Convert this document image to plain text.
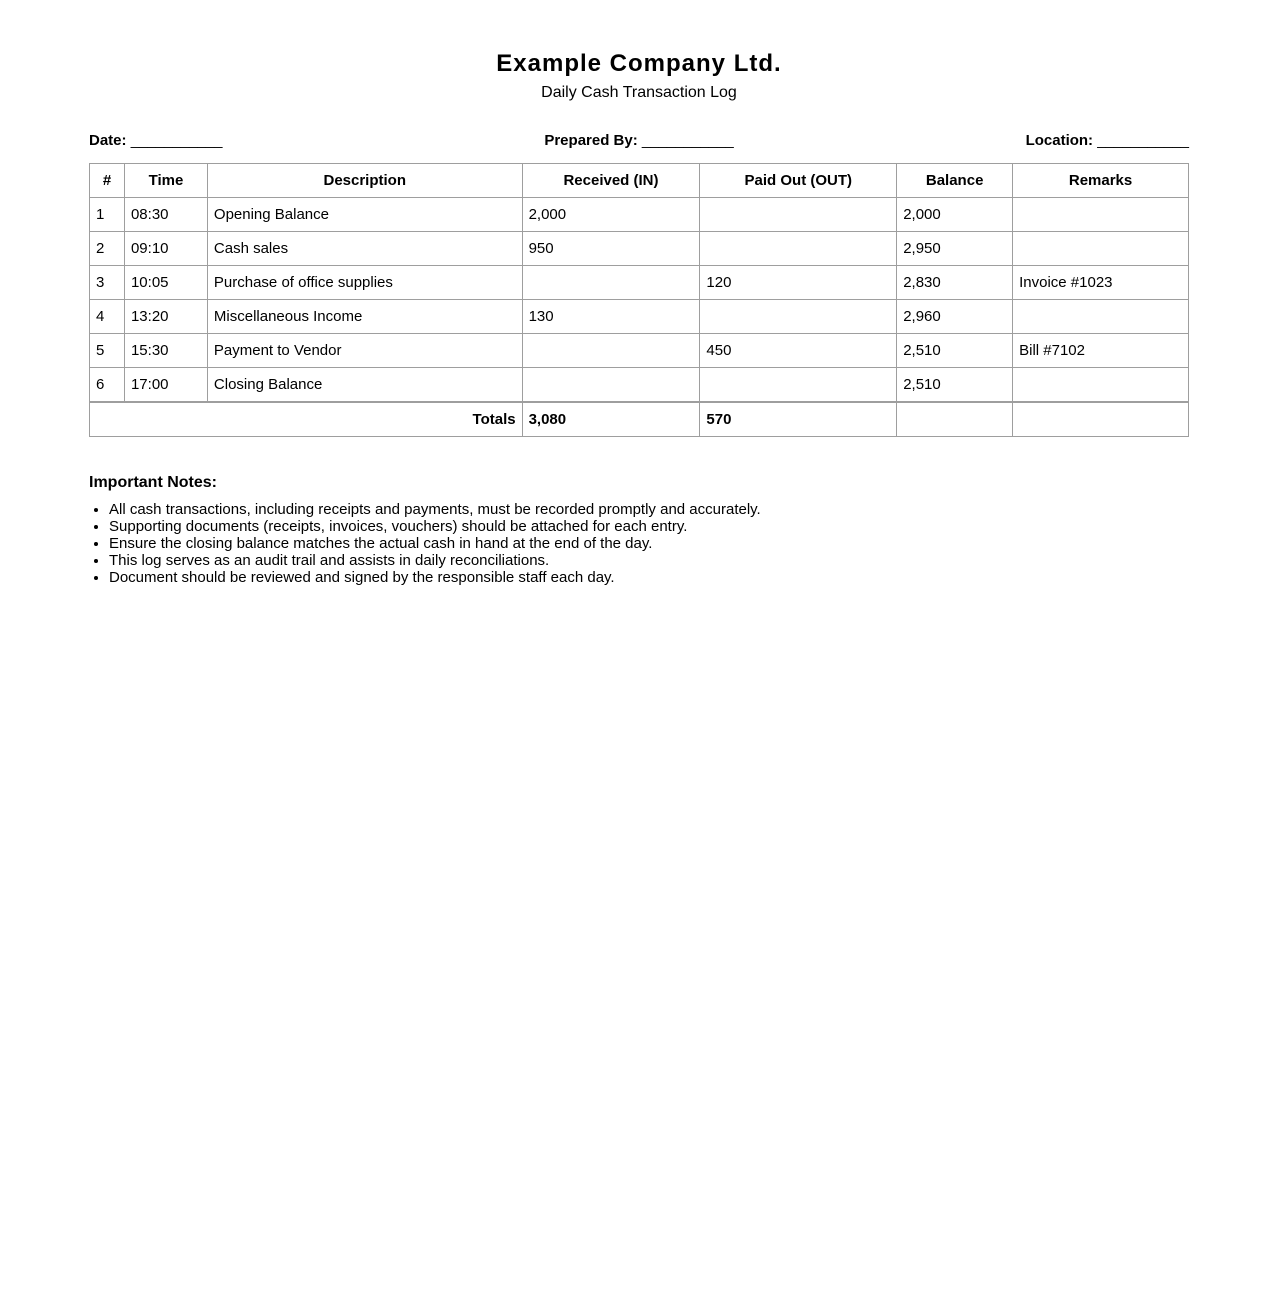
Example Company Ltd.
Daily Cash Transaction Log
Date: ___________	Prepared By: ___________	Location: ___________
#	Time	Description	Received (IN)	Paid Out (OUT)	Balance	Remarks
1	08:30	Opening Balance	2,000		2,000	
2	09:10	Cash sales	950		2,950	
3	10:05	Purchase of office supplies		120	2,830	Invoice #1023
4	13:20	Miscellaneous Income	130		2,960	
5	15:30	Payment to Vendor		450	2,510	Bill #7102
6	17:00	Closing Balance			2,510	
Totals			3,080	570		
Important Notes:
• All cash transactions, including receipts and payments, must be recorded promptly and accurately.
• Supporting documents (receipts, invoices, vouchers) should be attached for each entry.
• Ensure the closing balance matches the actual cash in hand at the end of the day.
• This log serves as an audit trail and assists in daily reconciliations.
• Document should be reviewed and signed by the responsible staff each day.
